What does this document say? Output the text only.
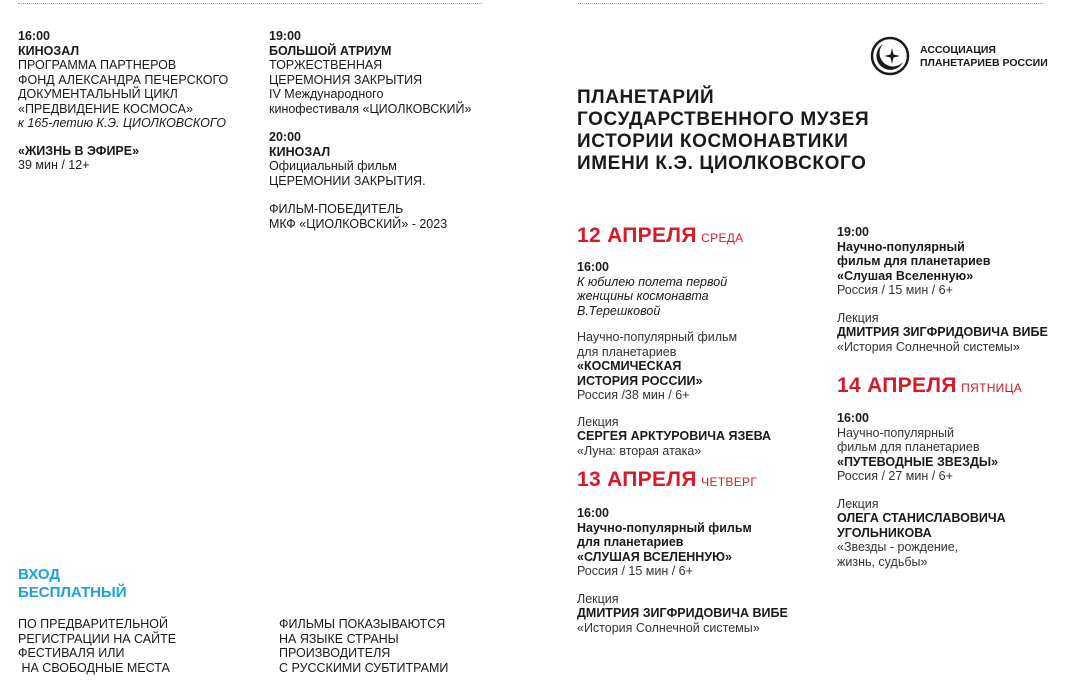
16:00
КИНОЗАЛ
ПРОГРАММА ПАРТНЕРОВ
ФОНД АЛЕКСАНДРА ПЕЧЕРСКОГО
ДОКУМЕНТАЛЬНЫЙ ЦИКЛ
«ПРЕДВИДЕНИЕ КОСМОСА»
к 165-летию К.Э. ЦИОЛКОВСКОГО
«ЖИЗНЬ В ЭФИРЕ»
39 мин / 12+
19:00
БОЛЬШОЙ АТРИУМ
ТОРЖЕСТВЕННАЯ
ЦЕРЕМОНИЯ ЗАКРЫТИЯ
IV Международного
кинофестиваля «ЦИОЛКОВСКИЙ»
20:00
КИНОЗАЛ
Официальный фильм
ЦЕРЕМОНИИ ЗАКРЫТИЯ.
ФИЛЬМ-ПОБЕДИТЕЛЬ
МКФ «ЦИОЛКОВСКИЙ» - 2023
ВХОД
БЕСПЛАТНЫЙ
ПО ПРЕДВАРИТЕЛЬНОЙ
РЕГИСТРАЦИИ НА САЙТЕ
ФЕСТИВАЛЯ ИЛИ
НА СВОБОДНЫЕ МЕСТА
ФИЛЬМЫ ПОКАЗЫВАЮТСЯ
НА ЯЗЫКЕ СТРАНЫ
ПРОИЗВОДИТЕЛЯ
С РУССКИМИ СУБТИТРАМИ
АССОЦИАЦИЯ
ПЛАНЕТАРИЕВ РОССИИ
ПЛАНЕТАРИЙ
ГОСУДАРСТВЕННОГО МУЗЕЯ
ИСТОРИИ КОСМОНАВТИКИ
ИМЕНИ К.Э. ЦИОЛКОВСКОГО
12 АПРЕЛЯ СРЕДА
16:00
К юбилею полета первой
женщины космонавта
В.Терешковой
Научно-популярный фильм
для планетариев
«КОСМИЧЕСКАЯ
ИСТОРИЯ РОССИИ»
Россия /38 мин / 6+
Лекция
СЕРГЕЯ АРКТУРОВИЧА ЯЗЕВА
«Луна: вторая атака»
13 АПРЕЛЯ ЧЕТВЕРГ
16:00
Научно-популярный фильм
для планетариев
«СЛУШАЯ ВСЕЛЕННУЮ»
Россия / 15 мин / 6+
Лекция
ДМИТРИЯ ЗИГФРИДОВИЧА ВИБЕ
«История Солнечной системы»
19:00
Научно-популярный
фильм для планетариев
«Слушая Вселенную»
Россия / 15 мин / 6+
Лекция
ДМИТРИЯ ЗИГФРИДОВИЧА ВИБЕ
«История Солнечной системы»
14 АПРЕЛЯ ПЯТНИЦА
16:00
Научно-популярный
фильм для планетариев
«ПУТЕВОДНЫЕ ЗВЕЗДЫ»
Россия / 27 мин / 6+
Лекция
ОЛЕГА СТАНИСЛАВОВИЧА
УГОЛЬНИКОВА
«Звезды - рождение,
жизнь, судьбы»
